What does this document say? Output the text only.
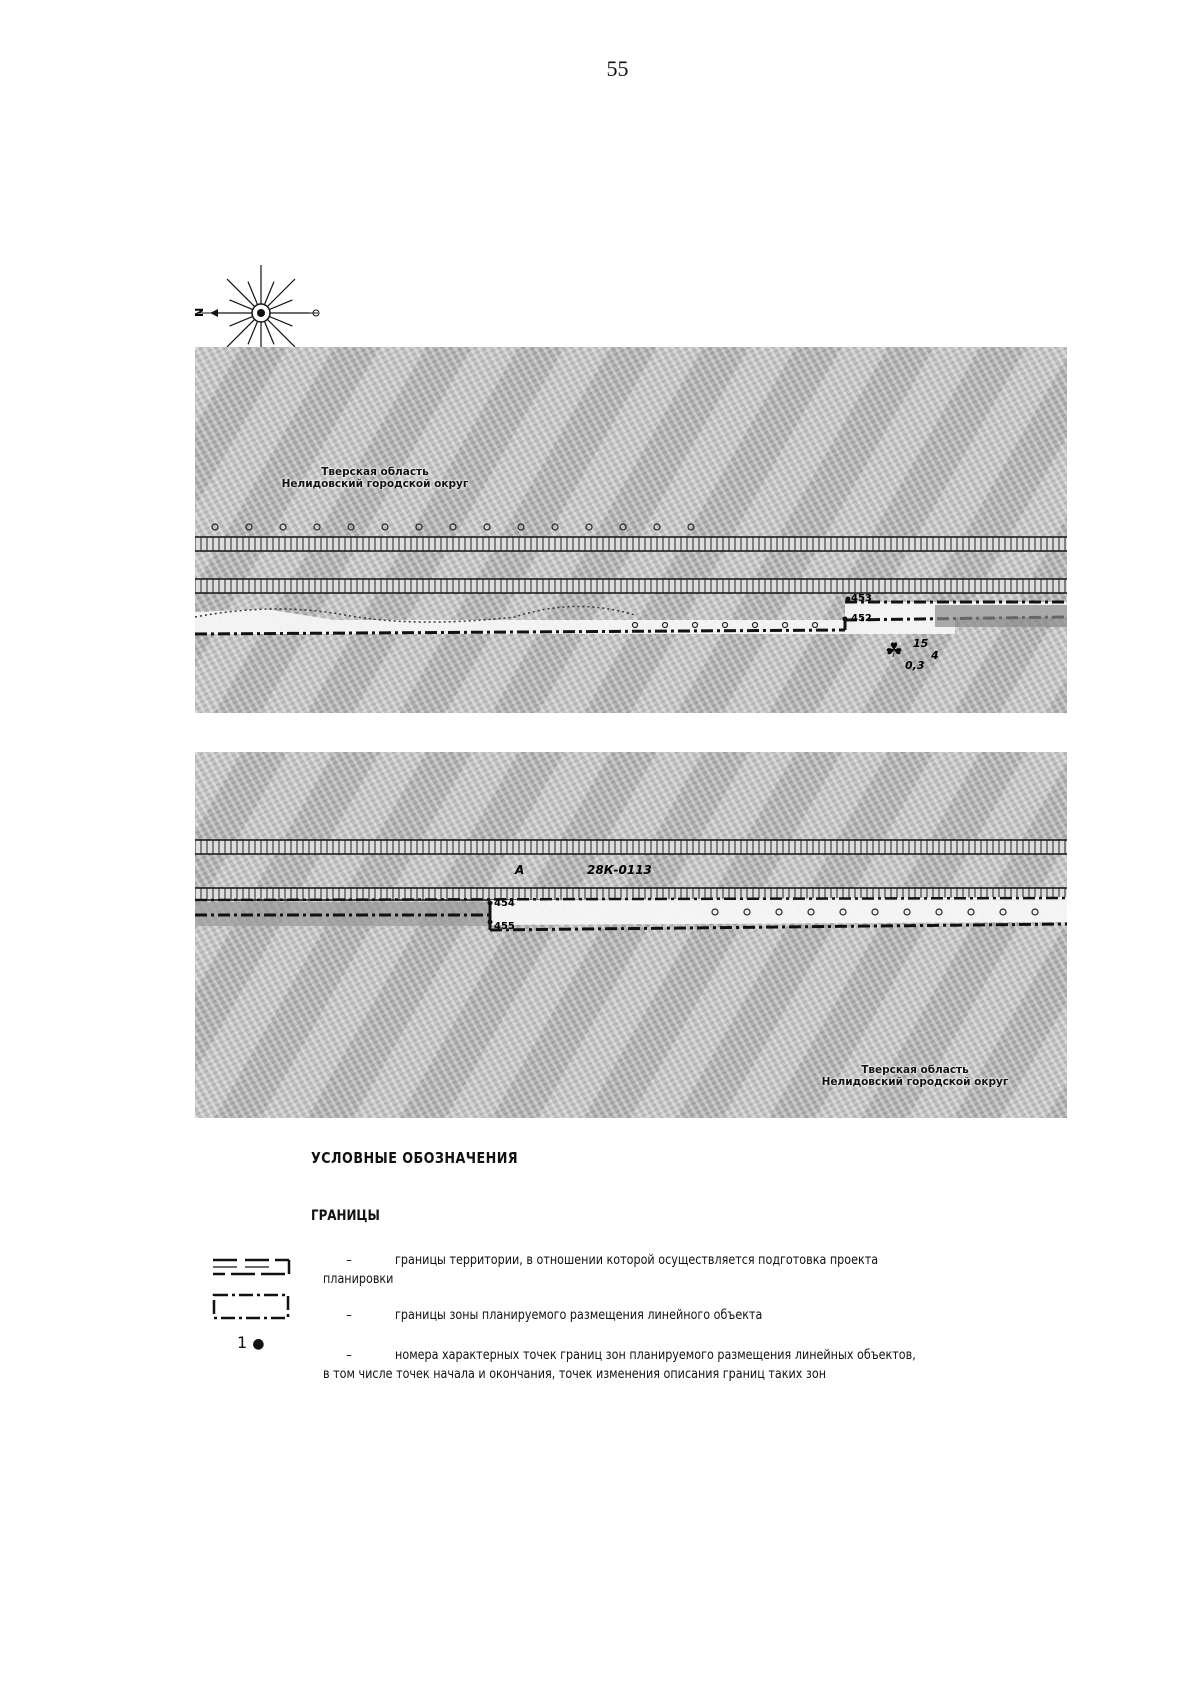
55
N
453
452
☘ 15
4
0,3
Тверская область
Нелидовский городской округ
454
455
А	28К-0113
Тверская область
Нелидовский городской округ
УСЛОВНЫЕ ОБОЗНАЧЕНИЯ
ГРАНИЦЫ
1 ●
–	границы территории, в отношении которой осуществляется подготовка проекта
планировки
–	границы зоны планируемого размещения линейного объекта
–	номера характерных точек границ зон планируемого размещения линейных объектов,
в том числе точек начала и окончания, точек изменения описания границ таких зон
